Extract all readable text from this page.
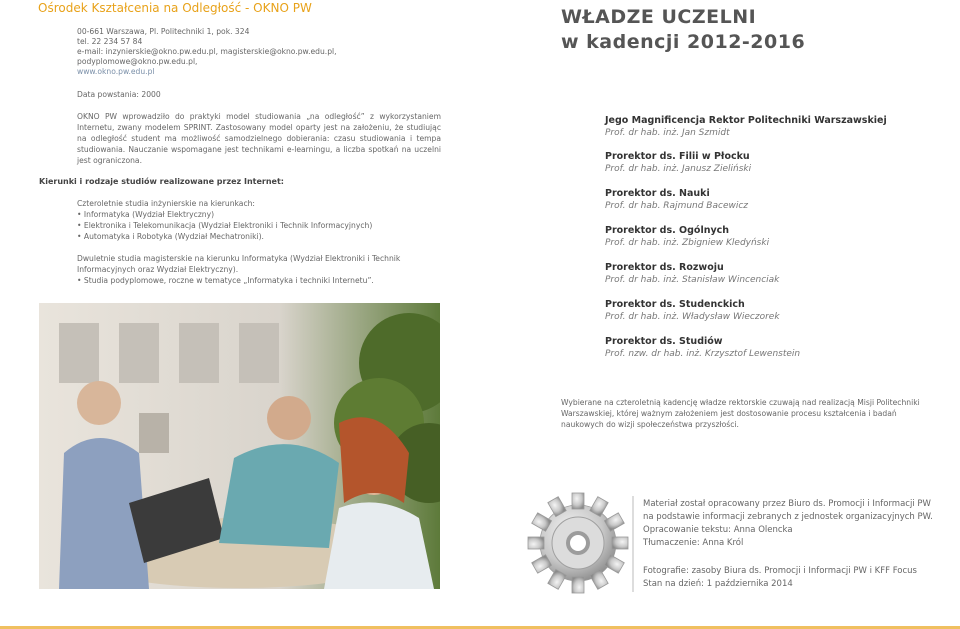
Ośrodek Kształcenia na Odległość - OKNO PW
00-661 Warszawa, Pl. Politechniki 1, pok. 324
tel. 22 234 57 84
e-mail: inzynierskie@okno.pw.edu.pl, magisterskie@okno.pw.edu.pl,
podyplomowe@okno.pw.edu.pl,
www.okno.pw.edu.pl
Data powstania: 2000
OKNO PW wprowadziło do praktyki model studiowania „na odległość” z wykorzystaniem Internetu, zwany modelem SPRINT. Zastosowany model oparty jest na założeniu, że studiując na odległość student ma możliwość samodzielnego dobierania: czasu studiowania i tempa studiowania. Nauczanie wspomagane jest technikami e-learningu, a liczba spotkań na uczelni jest ograniczona.
Kierunki i rodzaje studiów realizowane przez Internet:
Czteroletnie studia inżynierskie na kierunkach:
• Informatyka (Wydział Elektryczny)
• Elektronika i Telekomunikacja (Wydział Elektroniki i Technik Informacyjnych)
• Automatyka i Robotyka (Wydział Mechatroniki).
Dwuletnie studia magisterskie na kierunku Informatyka (Wydział Elektroniki i Technik Informacyjnych oraz Wydział Elektryczny).
• Studia podyplomowe, roczne w tematyce „Informatyka i techniki Internetu”.
WŁADZE UCZELNI
w kadencji 2012-2016
Jego Magnificencja Rektor Politechniki Warszawskiej
Prof. dr hab. inż. Jan Szmidt
Prorektor ds. Filii w Płocku
Prof. dr hab. inż. Janusz Zieliński
Prorektor ds. Nauki
Prof. dr hab. Rajmund Bacewicz
Prorektor ds. Ogólnych
Prof. dr hab. inż. Zbigniew Kledyński
Prorektor ds. Rozwoju
Prof. dr hab. inż. Stanisław Wincenciak
Prorektor ds. Studenckich
Prof. dr hab. inż. Władysław Wieczorek
Prorektor ds. Studiów
Prof. nzw. dr hab. inż. Krzysztof Lewenstein
Wybierane na czteroletnią kadencję władze rektorskie czuwają nad realizacją Misji Politechniki Warszawskiej, której ważnym założeniem jest dostosowanie procesu kształcenia i badań naukowych do wizji społeczeństwa przyszłości.
Materiał został opracowany przez Biuro ds. Promocji i Informacji PW
na podstawie informacji zebranych z jednostek organizacyjnych PW.
Opracowanie tekstu: Anna Olencka
Tłumaczenie: Anna Król
Fotografie: zasoby Biura ds. Promocji i Informacji PW i KFF Focus
Stan na dzień: 1 października 2014
